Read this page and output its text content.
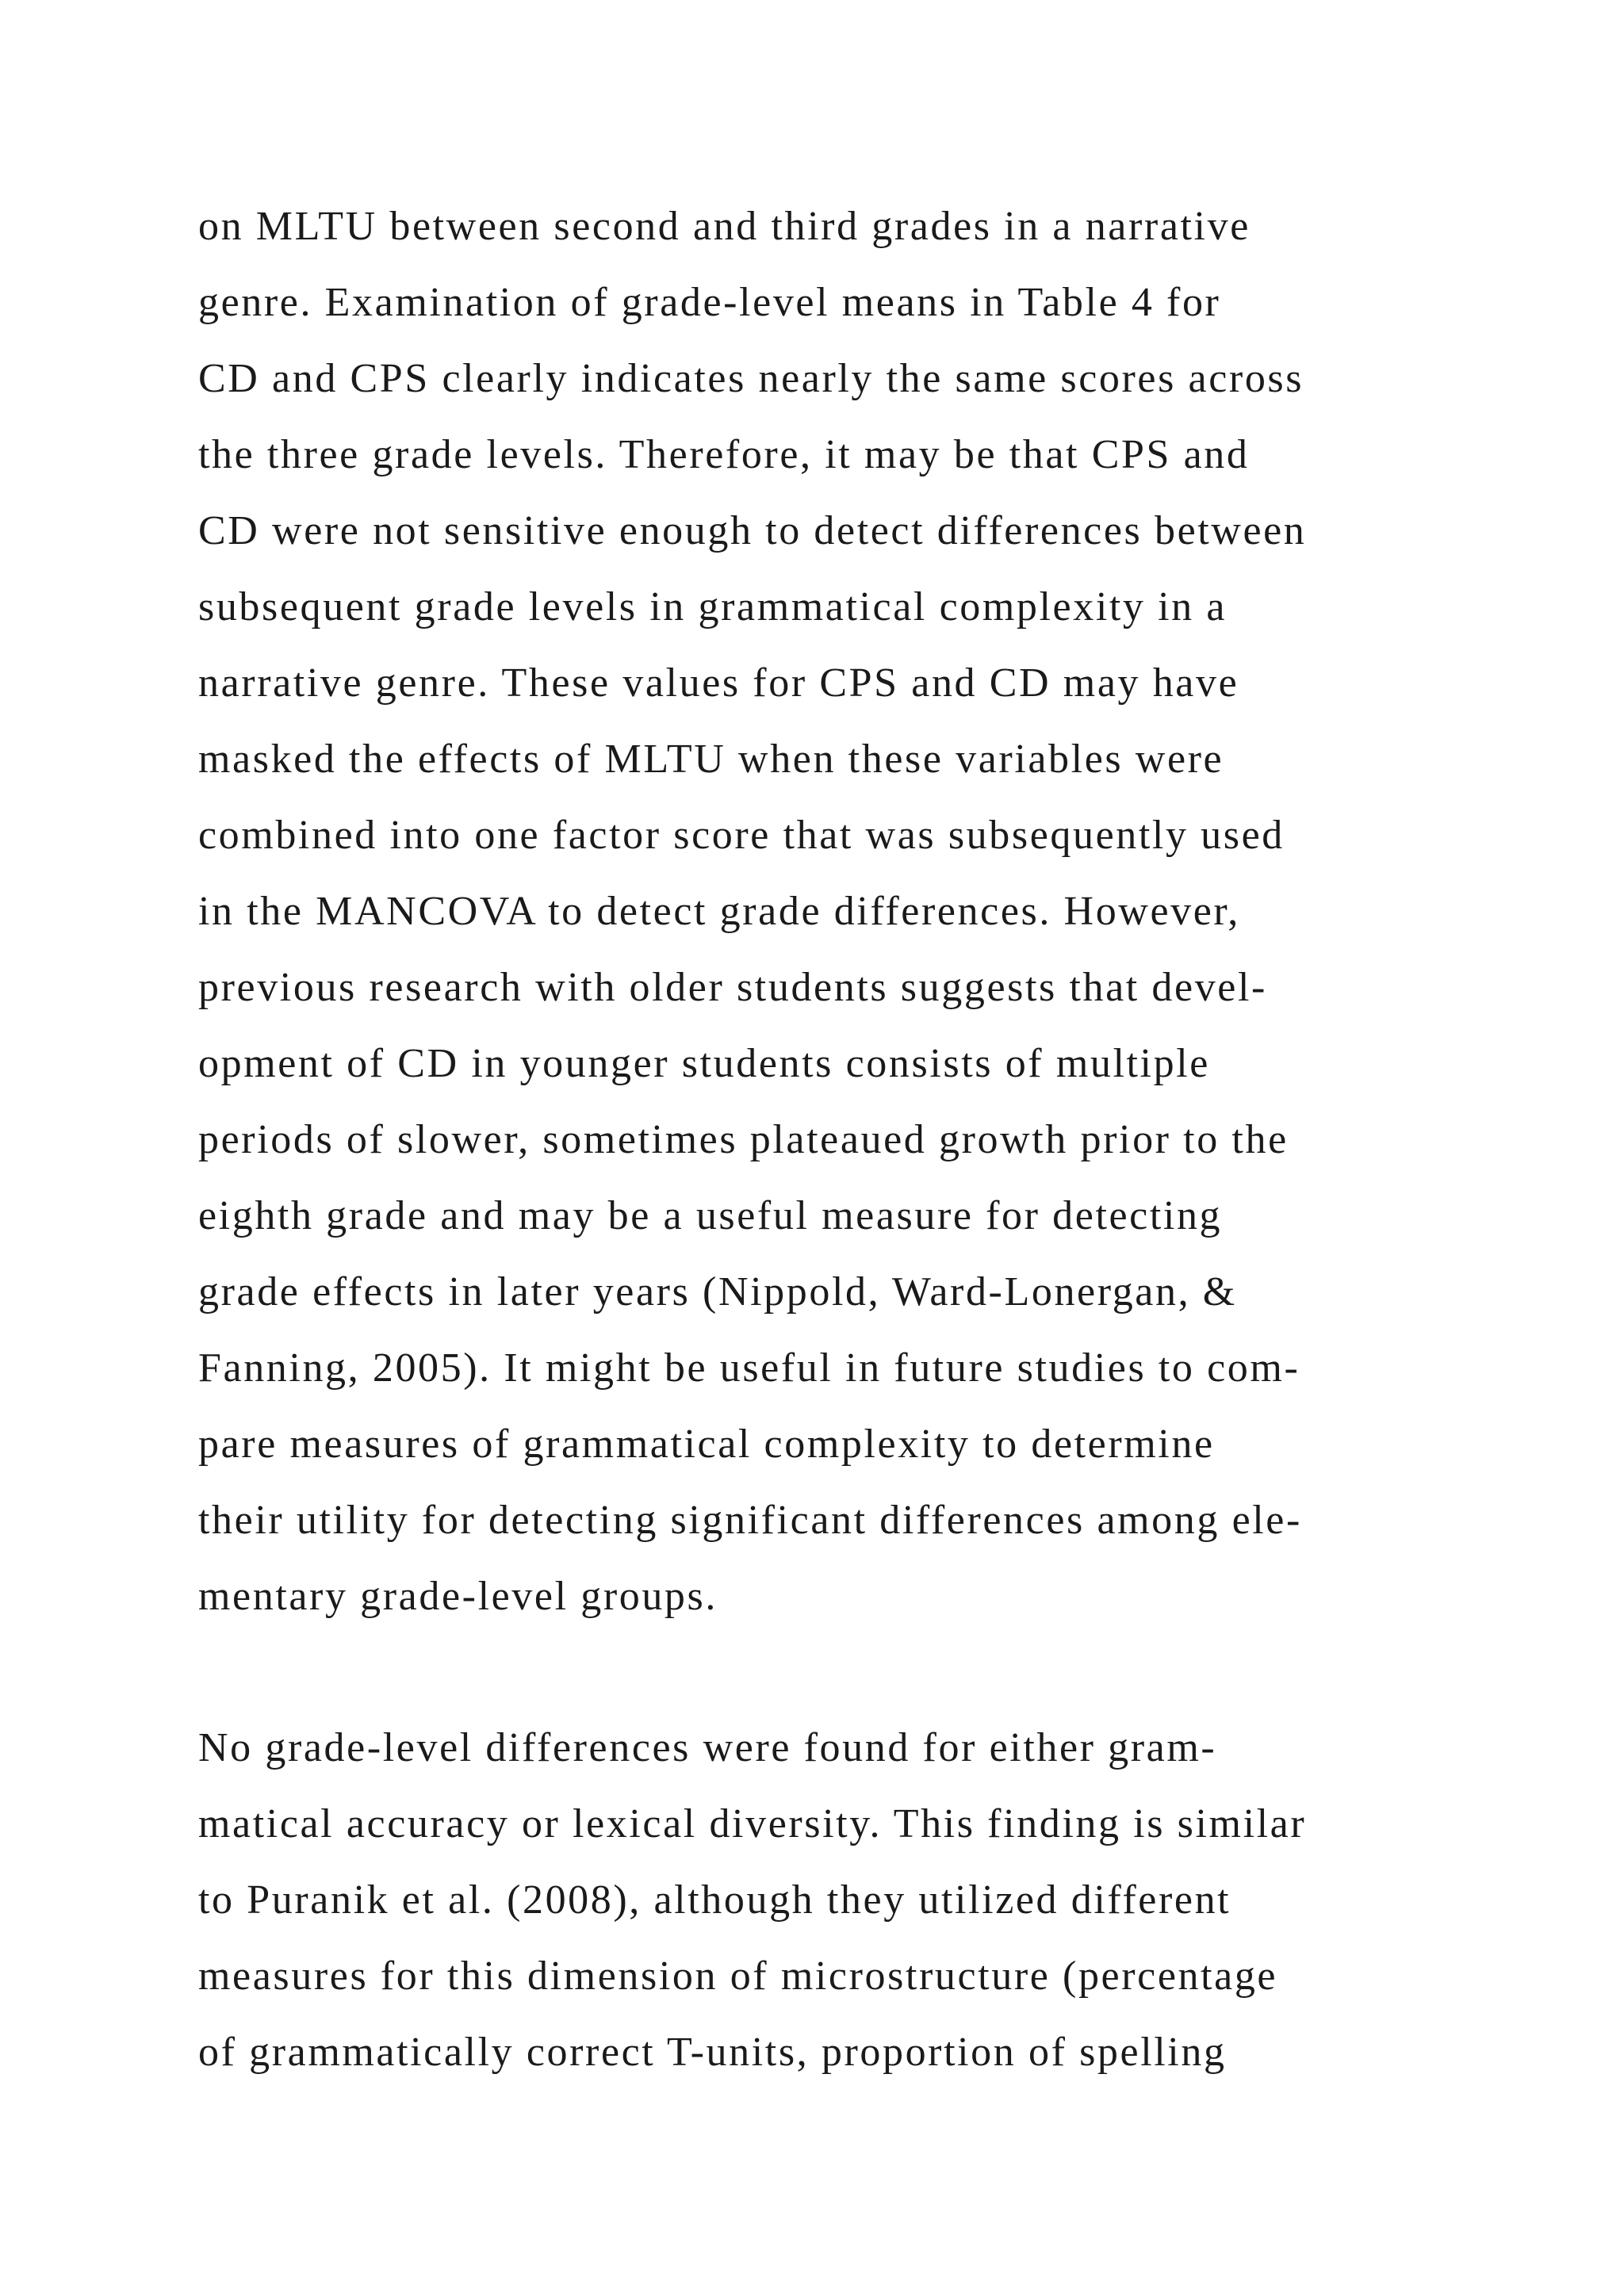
on MLTU between second and third grades in a narrative
genre. Examination of grade-level means in Table 4 for
CD and CPS clearly indicates nearly the same scores across
the three grade levels. Therefore, it may be that CPS and
CD were not sensitive enough to detect differences between
subsequent grade levels in grammatical complexity in a
narrative genre. These values for CPS and CD may have
masked the effects of MLTU when these variables were
combined into one factor score that was subsequently used
in the MANCOVA to detect grade differences. However,
previous research with older students suggests that devel-
opment of CD in younger students consists of multiple
periods of slower, sometimes plateaued growth prior to the
eighth grade and may be a useful measure for detecting
grade effects in later years (Nippold, Ward-Lonergan, &
Fanning, 2005). It might be useful in future studies to com-
pare measures of grammatical complexity to determine
their utility for detecting significant differences among ele-
mentary grade-level groups.
No grade-level differences were found for either gram-
matical accuracy or lexical diversity. This finding is similar
to Puranik et al. (2008), although they utilized different
measures for this dimension of microstructure (percentage
of grammatically correct T-units, proportion of spelling
